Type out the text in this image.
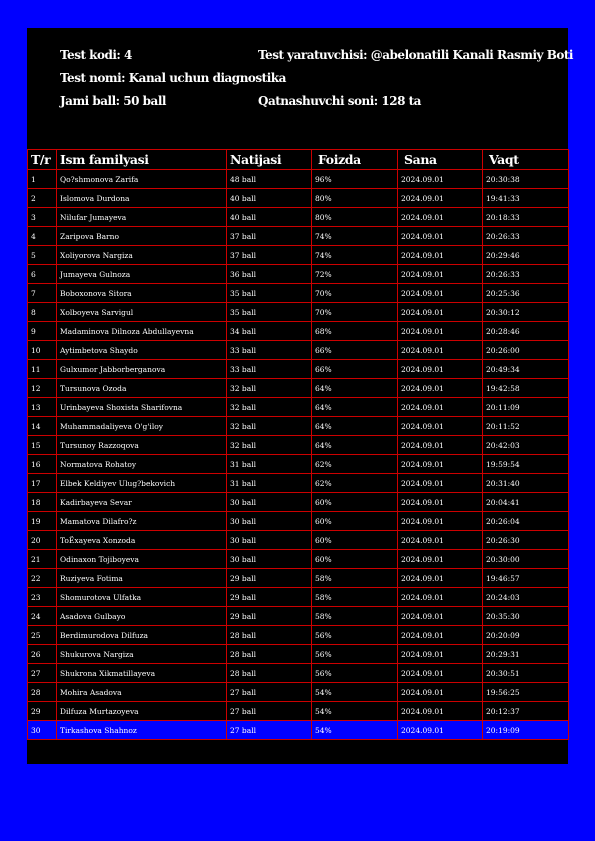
Test kodi: 4	Test yaratuvchisi: @abelonatili Kanali Rasmiy Boti
Test nomi: Kanal uchun diagnostika
Jami ball: 50 ball	Qatnashuvchi soni: 128 ta
T/r	Ism familyasi	Natijasi	Foizda	Sana	Vaqt
1	Qo?shmonova Zarifa	48 ball	96%	2024.09.01	20:30:38
2	Islomova Durdona	40 ball	80%	2024.09.01	19:41:33
3	Nilufar Jumayeva	40 ball	80%	2024.09.01	20:18:33
4	Zaripova Barno	37 ball	74%	2024.09.01	20:26:33
5	Xoliyorova Nargiza	37 ball	74%	2024.09.01	20:29:46
6	Jumayeva Gulnoza	36 ball	72%	2024.09.01	20:26:33
7	Boboxonova Sitora	35 ball	70%	2024.09.01	20:25:36
8	Xolboyeva Sarvigul	35 ball	70%	2024.09.01	20:30:12
9	Madaminova Dilnoza Abdullayevna	34 ball	68%	2024.09.01	20:28:46
10	Aytimbetova Shaydo	33 ball	66%	2024.09.01	20:26:00
11	Gulxumor Jabborberganova	33 ball	66%	2024.09.01	20:49:34
12	Tursunova Ozoda	32 ball	64%	2024.09.01	19:42:58
13	Urinbayeva Shoxista Sharifovna	32 ball	64%	2024.09.01	20:11:09
14	Muhammadaliyeva O'g'iloy	32 ball	64%	2024.09.01	20:11:52
15	Tursunoy Razzoqova	32 ball	64%	2024.09.01	20:42:03
16	Normatova Rohatoy	31 ball	62%	2024.09.01	19:59:54
17	Elbek Keldiyev Ulug?bekovich	31 ball	62%	2024.09.01	20:31:40
18	Kadirbayeva Sevar	30 ball	60%	2024.09.01	20:04:41
19	Mamatova Dilafro?z	30 ball	60%	2024.09.01	20:26:04
20	ToЁxayeva Xonzoda	30 ball	60%	2024.09.01	20:26:30
21	Odinaxon Tojiboyeva	30 ball	60%	2024.09.01	20:30:00
22	Ruziyeva Fotima	29 ball	58%	2024.09.01	19:46:57
23	Shomurotova Ulfatka	29 ball	58%	2024.09.01	20:24:03
24	Asadova Gulbayo	29 ball	58%	2024.09.01	20:35:30
25	Berdimurodova Dilfuza	28 ball	56%	2024.09.01	20:20:09
26	Shukurova Nargiza	28 ball	56%	2024.09.01	20:29:31
27	Shukrona Xikmatillayeva	28 ball	56%	2024.09.01	20:30:51
28	Mohira Asadova	27 ball	54%	2024.09.01	19:56:25
29	Dilfuza Murtazoyeva	27 ball	54%	2024.09.01	20:12:37
30	Tirkashova Shahnoz	27 ball	54%	2024.09.01	20:19:09
